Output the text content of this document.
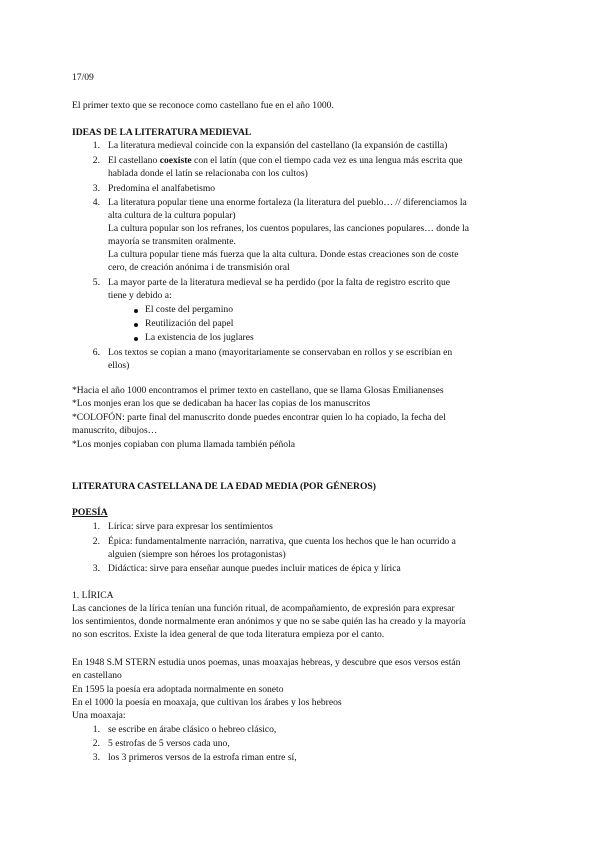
17/09
El primer texto que se reconoce como castellano fue en el año 1000.
IDEAS DE LA LITERATURA MEDIEVAL
1. La literatura medieval coincide con la expansión del castellano (la expansión de castilla)
2. El castellano coexiste con el latín (que con el tiempo cada vez es una lengua más escrita que
hablada donde el latín se relacionaba con los cultos)
3. Predomina el analfabetismo
4. La literatura popular tiene una enorme fortaleza (la literatura del pueblo… // diferenciamos la
alta cultura de la cultura popular)
La cultura popular son los refranes, los cuentos populares, las canciones populares… donde la
mayoría se transmiten oralmente.
La cultura popular tiene más fuerza que la alta cultura. Donde estas creaciones son de coste
cero, de creación anónima i de transmisión oral
5. La mayor parte de la literatura medieval se ha perdido (por la falta de registro escrito que
tiene y debido a:
El coste del pergamino
Reutilización del papel
La existencia de los juglares
6. Los textos se copian a mano (mayoritariamente se conservaban en rollos y se escribían en
ellos)
*Hacia el año 1000 encontramos el primer texto en castellano, que se llama Glosas Emilianenses
*Los monjes eran los que se dedicaban ha hacer las copias de los manuscritos
*COLOFÓN: parte final del manuscrito donde puedes encontrar quien lo ha copiado, la fecha del
manuscrito, dibujos…
*Los monjes copiaban con pluma llamada también péñola
LITERATURA CASTELLANA DE LA EDAD MEDIA (POR GÉNEROS)
POESÍA
1. Lírica: sirve para expresar los sentimientos
2. Épica: fundamentalmente narración, narrativa, que cuenta los hechos que le han ocurrido a
alguien (siempre son héroes los protagonistas)
3. Didáctica: sirve para enseñar aunque puedes incluir matices de épica y lírica
1. LÍRICA
Las canciones de la lírica tenían una función ritual, de acompañamiento, de expresión para expresar
los sentimientos, donde normalmente eran anónimos y que no se sabe quién las ha creado y la mayoría
no son escritos. Existe la idea general de que toda literatura empieza por el canto.
En 1948 S.M STERN estudia unos poemas, unas moaxajas hebreas, y descubre que esos versos están
en castellano
En 1595 la poesía era adoptada normalmente en soneto
En el 1000 la poesía en moaxaja, que cultivan los árabes y los hebreos
Una moaxaja:
1. se escribe en árabe clásico o hebreo clásico,
2. 5 estrofas de 5 versos cada uno,
3. los 3 primeros versos de la estrofa riman entre sí,
